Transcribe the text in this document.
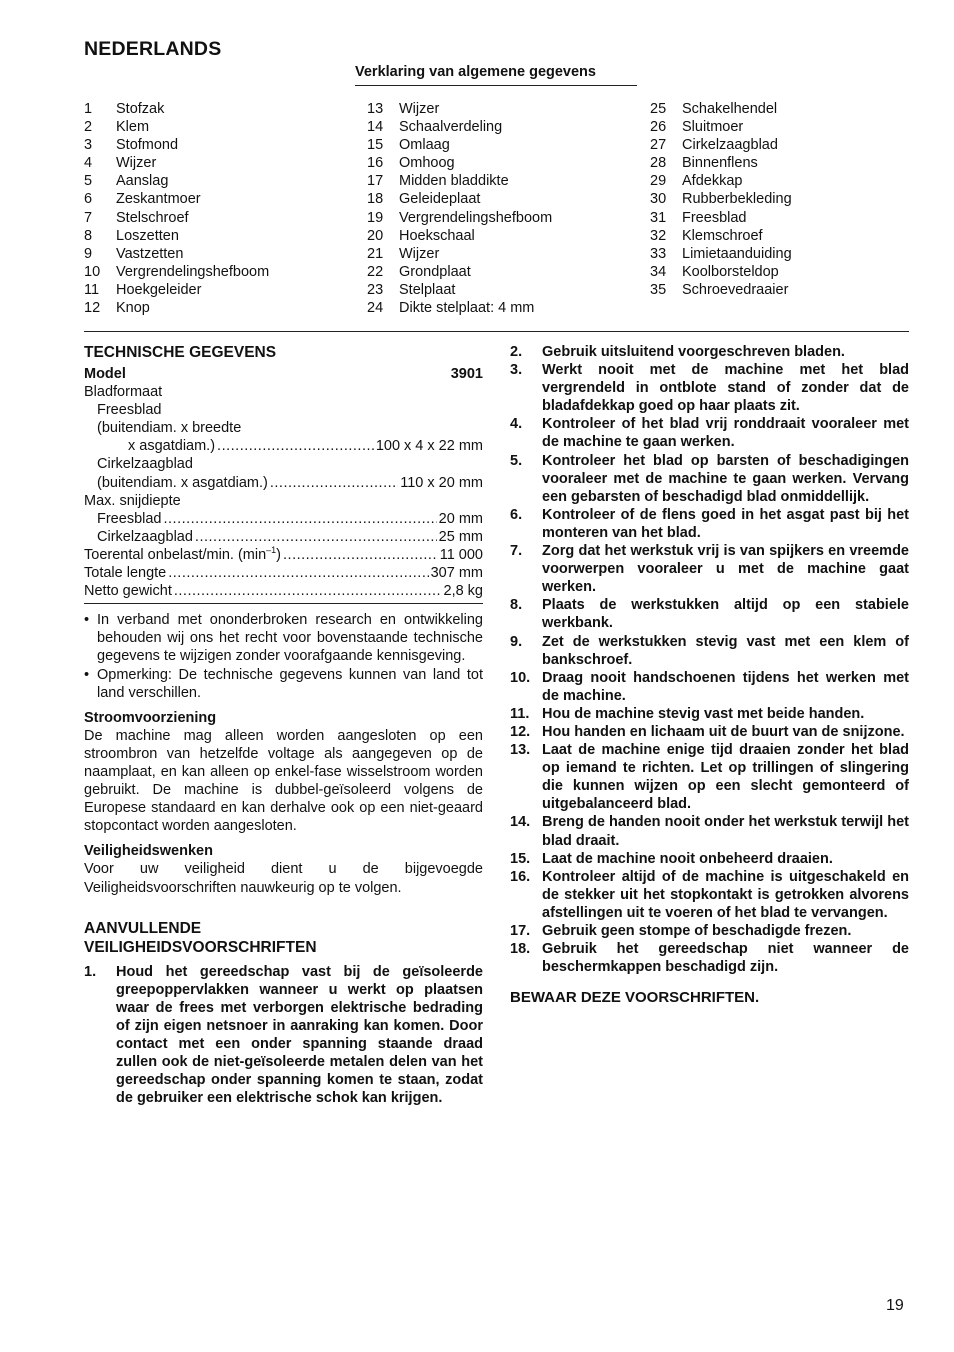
NEDERLANDS
Verklaring van algemene gegevens
1	Stofzak
2	Klem
3	Stofmond
4	Wijzer
5	Aanslag
6	Zeskantmoer
7	Stelschroef
8	Loszetten
9	Vastzetten
10	Vergrendelingshefboom
11	Hoekgeleider
12	Knop
13	Wijzer
14	Schaalverdeling
15	Omlaag
16	Omhoog
17	Midden bladdikte
18	Geleideplaat
19	Vergrendelingshefboom
20	Hoekschaal
21	Wijzer
22	Grondplaat
23	Stelplaat
24	Dikte stelplaat: 4 mm
25	Schakelhendel
26	Sluitmoer
27	Cirkelzaagblad
28	Binnenflens
29	Afdekkap
30	Rubberbekleding
31	Freesblad
32	Klemschroef
33	Limietaanduiding
34	Koolborsteldop
35	Schroevedraaier
TECHNISCHE GEGEVENS
Model	3901
Bladformaat
Freesblad
(buitendiam. x breedte
x asgatdiam.) .....	100 x 4 x 22 mm
Cirkelzaagblad
(buitendiam. x asgatdiam.) .....	110 x 20 mm
Max. snijdiepte
Freesblad .....	20 mm
Cirkelzaagblad .....	25 mm
Toerental onbelast/min. $(\min^{-1})$ .....	11 000
Totale lengte .....	307 mm
Netto gewicht .....	2,8 kg
• In verband met ononderbroken research en ontwikkeling behouden wij ons het recht voor bovenstaande technische gegevens te wijzigen zonder voorafgaande kennisgeving.
• Opmerking: De technische gegevens kunnen van land tot land verschillen.
Stroomvoorziening
De machine mag alleen worden aangesloten op een stroombron van hetzelfde voltage als aangegeven op de naamplaat, en kan alleen op enkel-fase wisselstroom worden gebruikt. De machine is dubbel-geïsoleerd volgens de Europese standaard en kan derhalve ook op een niet-geaard stopcontact worden aangesloten.
Veiligheidswenken
Voor uw veiligheid dient u de bijgevoegde Veiligheidsvoorschriften nauwkeurig op te volgen.
AANVULLENDE
VEILIGHEIDSVOORSCHRIFTEN
1.	Houd het gereedschap vast bij de geïsoleerde greepoppervlakken wanneer u werkt op plaatsen waar de frees met verborgen elektrische bedrading of zijn eigen netsnoer in aanraking kan komen. Door contact met een onder spanning staande draad zullen ook de niet-geïsoleerde metalen delen van het gereedschap onder spanning komen te staan, zodat de gebruiker een elektrische schok kan krijgen.
2.	Gebruik uitsluitend voorgeschreven bladen.
3.	Werkt nooit met de machine met het blad vergrendeld in ontblote stand of zonder dat de bladafdekkap goed op haar plaats zit.
4.	Kontroleer of het blad vrij ronddraait vooraleer met de machine te gaan werken.
5.	Kontroleer het blad op barsten of beschadigingen vooraleer met de machine te gaan werken. Vervang een gebarsten of beschadigd blad onmiddellijk.
6.	Kontroleer of de flens goed in het asgat past bij het monteren van het blad.
7.	Zorg dat het werkstuk vrij is van spijkers en vreemde voorwerpen vooraleer u met de machine gaat werken.
8.	Plaats de werkstukken altijd op een stabiele werkbank.
9.	Zet de werkstukken stevig vast met een klem of bankschroef.
10. Draag nooit handschoenen tijdens het werken met de machine.
11. Hou de machine stevig vast met beide handen.
12. Hou handen en lichaam uit de buurt van de snijzone.
13. Laat de machine enige tijd draaien zonder het blad op iemand te richten. Let op trillingen of slingering die kunnen wijzen op een slecht gemonteerd of uitgebalanceerd blad.
14. Breng de handen nooit onder het werkstuk terwijl het blad draait.
15. Laat de machine nooit onbeheerd draaien.
16. Kontroleer altijd of de machine is uitgeschakeld en de stekker uit het stopkontakt is getrokken alvorens afstellingen uit te voeren of het blad te vervangen.
17. Gebruik geen stompe of beschadigde frezen.
18. Gebruik het gereedschap niet wanneer de beschermkappen beschadigd zijn.
BEWAAR DEZE VOORSCHRIFTEN.
19
